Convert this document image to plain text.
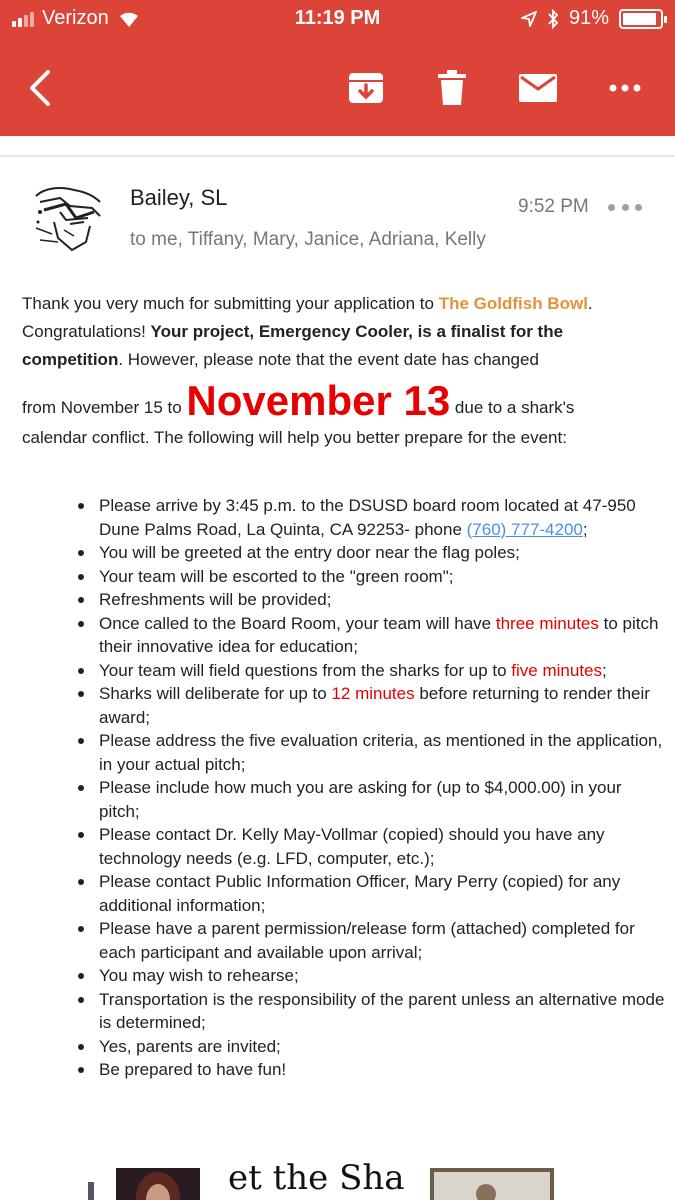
Verizon	11:19 PM	91%
Bailey, SL
to me, Tiffany, Mary, Janice, Adriana, Kelly
9:52 PM
Thank you very much for submitting your application to The Goldfish Bowl. Congratulations! Your project, Emergency Cooler, is a finalist for the competition. However, please note that the event date has changed
from November 15 to November 13 due to a shark's
calendar conflict. The following will help you better prepare for the event:
Please arrive by 3:45 p.m. to the DSUSD board room located at 47-950 Dune Palms Road, La Quinta, CA 92253- phone (760) 777-4200;
You will be greeted at the entry door near the flag poles;
Your team will be escorted to the "green room";
Refreshments will be provided;
Once called to the Board Room, your team will have three minutes to pitch their innovative idea for education;
Your team will field questions from the sharks for up to five minutes;
Sharks will deliberate for up to 12 minutes before returning to render their award;
Please address the five evaluation criteria, as mentioned in the application, in your actual pitch;
Please include how much you are asking for (up to $4,000.00) in your pitch;
Please contact Dr. Kelly May-Vollmar (copied) should you have any technology needs (e.g. LFD, computer, etc.);
Please contact Public Information Officer, Mary Perry (copied) for any additional information;
Please have a parent permission/release form (attached) completed for each participant and available upon arrival;
You may wish to rehearse;
Transportation is the responsibility of the parent unless an alternative mode is determined;
Yes, parents are invited;
Be prepared to have fun!
et the Sha
